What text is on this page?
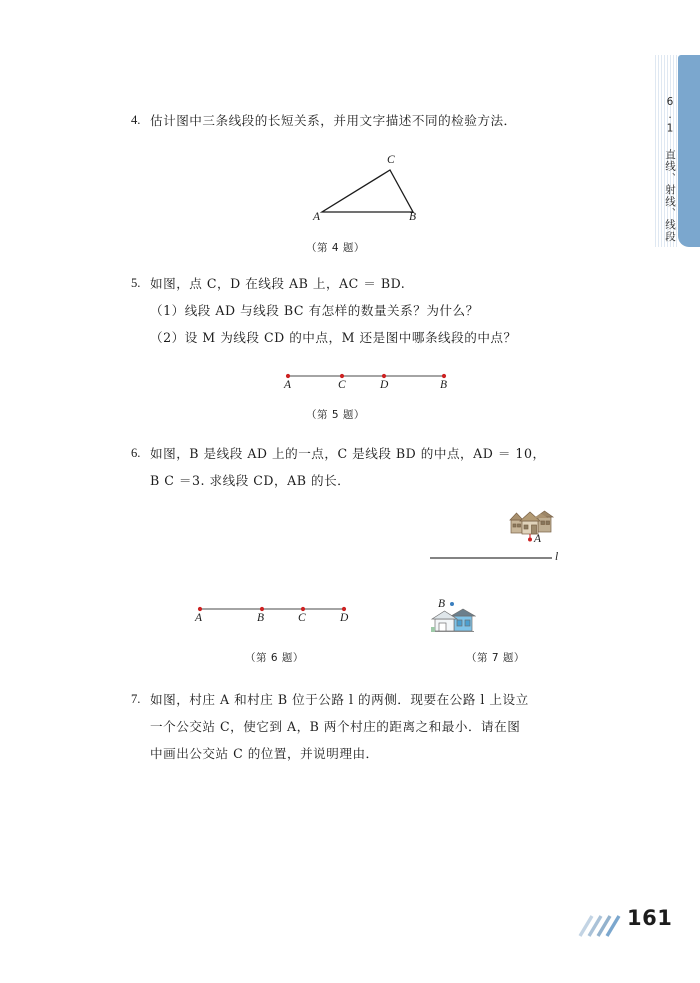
6.1 直线、射线、线段
4. 估计图中三条线段的长短关系，并用文字描述不同的检验方法．
A	B
C
（第 4 题）
5. 如图，点 C，D 在线段 AB 上，AC ＝ BD.
（1）线段 AD 与线段 BC 有怎样的数量关系？为什么？
（2）设 M 为线段 CD 的中点，M 还是图中哪条线段的中点？
A	C	D	B
（第 5 题）
6. 如图，B 是线段 AD 上的一点，C 是线段 BD 的中点，AD ＝ 10，
B C ＝3. 求线段 CD，AB 的长．
A	B	C	D
（第 6 题）
A
l
B
（第 7 题）
7. 如图，村庄 A 和村庄 B 位于公路 l 的两侧．现要在公路 l 上设立
一个公交站 C，使它到 A，B 两个村庄的距离之和最小．请在图
中画出公交站 C 的位置，并说明理由．
161
